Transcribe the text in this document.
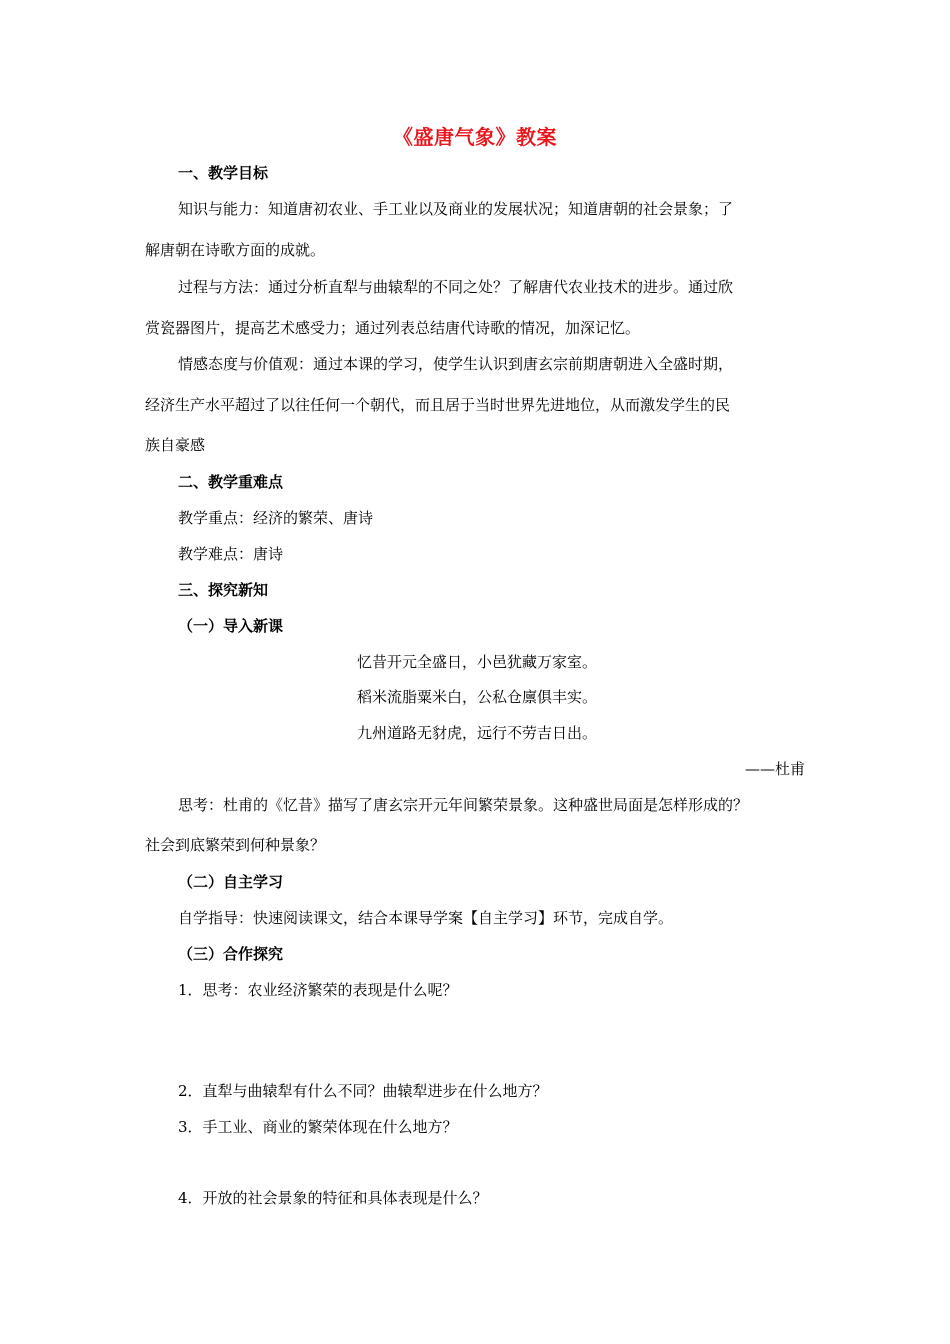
《盛唐气象》教案
一、教学目标
知识与能力：知道唐初农业、手工业以及商业的发展状况；知道唐朝的社会景象；了
解唐朝在诗歌方面的成就。
过程与方法：通过分析直犁与曲辕犁的不同之处？了解唐代农业技术的进步。通过欣
赏瓷器图片，提高艺术感受力；通过列表总结唐代诗歌的情况，加深记忆。
情感态度与价值观：通过本课的学习，使学生认识到唐玄宗前期唐朝进入全盛时期，
经济生产水平超过了以往任何一个朝代，而且居于当时世界先进地位，从而激发学生的民
族自豪感
二、教学重难点
教学重点：经济的繁荣、唐诗
教学难点：唐诗
三、探究新知
（一）导入新课
忆昔开元全盛日，小邑犹藏万家室。
稻米流脂粟米白，公私仓廪俱丰实。
九州道路无豺虎，远行不劳吉日出。
——杜甫
思考：杜甫的《忆昔》描写了唐玄宗开元年间繁荣景象。这种盛世局面是怎样形成的？
社会到底繁荣到何种景象？
（二）自主学习
自学指导：快速阅读课文，结合本课导学案【自主学习】环节，完成自学。
（三）合作探究
1．思考：农业经济繁荣的表现是什么呢？
2．直犁与曲辕犁有什么不同？曲辕犁进步在什么地方？
3．手工业、商业的繁荣体现在什么地方？
4．开放的社会景象的特征和具体表现是什么？
